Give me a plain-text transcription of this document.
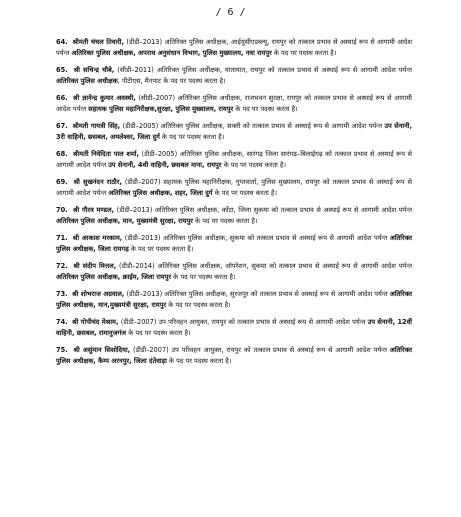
/ 6 /
64. श्रीमती चंचल तिवारी, (डीडी–2013) अतिरिक्त पुलिस अधीक्षक, आईयूसीएडब्ल्यू, रायपुर को तत्काल प्रभाव से अस्थाई रूप से आगामी आदेश पर्यन्त अतिरिक्त पुलिस अधीक्षक, अपराध अनुसंधान विभाग, पुलिस मुख्यालय, नवा रायपुर के पद पर पदस्थ करता है।
65. श्री सचिन्द्र चौबे, (सीडी–2011) अतिरिक्त पुलिस अधीक्षक, यातायात, रायपुर को तत्काल प्रभाव से अस्थाई रूप से आगामी आदेश पर्यन्त अतिरिक्त पुलिस अधीक्षक, पीटीएस, मैनपाट के पद पर पदस्थ करता है।
66. श्री ज्ञानेन्द्र कुमार अवस्थी, (सीडी–2007) अतिरिक्त पुलिस अधीक्षक, राजभवन सुरक्षा, रायपुर को तत्काल प्रभाव से अस्थाई रूप से आगामी आदेश पर्यन्त सहायक पुलिस महानिरीक्षक,सुरक्षा, पुलिस मुख्यालय, रायपुर के पद पर पदस्थ करता है।
67. श्रीमती गायत्री सिंह, (डीडी–2005) अतिरिक्त पुलिस अधीक्षक, सक्ती को तत्काल प्रभाव से अस्थाई रूप से आगामी आदेश पर्यन्त उप सेनानी, 3री वाहिनी, छसबल, अमलेश्वर, जिला दुर्ग के पद पर पदस्थ करता है।
68. श्रीमती निवेदिता पाल शर्मा, (डीडी–2005) अतिरिक्त पुलिस अधीक्षक, सारंगढ़ जिला सारंगढ़–बिलाईगढ़ को तत्काल प्रभाव से अस्थाई रूप से आगामी आदेश पर्यन्त उप सेनानी, 4थी वाहिनी, छसबल माना, रायपुर के पद पर पदस्थ करता है।
69. श्री सुखनंदन राठौर, (डीडी–2007) सहायक पुलिस महानिरीक्षक, गुप्तवार्ता, पुलिस मुख्यालय, रायपुर को तत्काल प्रभाव से अस्थाई रूप से आगामी आदेश पर्यन्त अतिरिक्त पुलिस अधीक्षक, शहर, जिला दुर्ग के पद पर पदस्थ करता है।
70. श्री गौरव मण्डल, (डीडी–2013) अतिरिक्त पुलिस अधीक्षक, कोंटा, जिला सुकमा को तत्काल प्रभाव से अस्थाई रूप से आगामी आदेश पर्यन्त अतिरिक्त पुलिस अधीक्षक, मान, मुख्यमंत्री सुरक्षा, रायपुर के पद पर पदस्थ करता है।
71. श्री आकाश मरकाम, (डीडी–2013) अतिरिक्त पुलिस अधीक्षक, सुकमा को तत्काल प्रभाव से अस्थाई रूप से आगामी आदेश पर्यन्त अतिरिक्त पुलिस अधीक्षक, जिला रायगढ़ के पद पर पदस्थ करता है।
72. श्री संदीप मित्तल, (डीडी–2014) अतिरिक्त पुलिस अधीक्षक, ऑपरेशन, सुकमा को तत्काल प्रभाव से अस्थाई रूप से आगामी आदेश पर्यन्त अतिरिक्त पुलिस अधीक्षक, क्राईम, जिला रायपुर के पद पर पदस्थ करता है।
73. श्री शोभराज अग्रवाल, (डीडी–2013) अतिरिक्त पुलिस अधीक्षक, सुरजपुर को तत्काल प्रभाव से अस्थाई रूप से आगामी आदेश पर्यन्त अतिरिक्त पुलिस अधीक्षक, मान,मुख्यमंत्री सुरक्षा, रायपुर के पद पर पदस्थ करता है।
74. श्री गोपीचंद मेश्राम, (डीडी–2007) उप परिवहन आयुक्त, रायपुर को तत्काल प्रभाव से अस्थाई रूप से आगामी आदेश पर्यन्त उप सेनानी, 12वीं वाहिनी, छसबल, रामानुजगंज के पद पर पदस्थ करता है।
75. श्री असुंमान सिसोदिया, (डीडी–2007) उप परिवहन आयुक्त, रायपुर को तत्काल प्रभाव से अस्थाई रूप से आगामी आदेश पर्यन्त अतिरिक्त पुलिस अधीक्षक, कैम्प अरनपुर, जिला दंतेवाड़ा के पद पर पदस्थ करता है।
